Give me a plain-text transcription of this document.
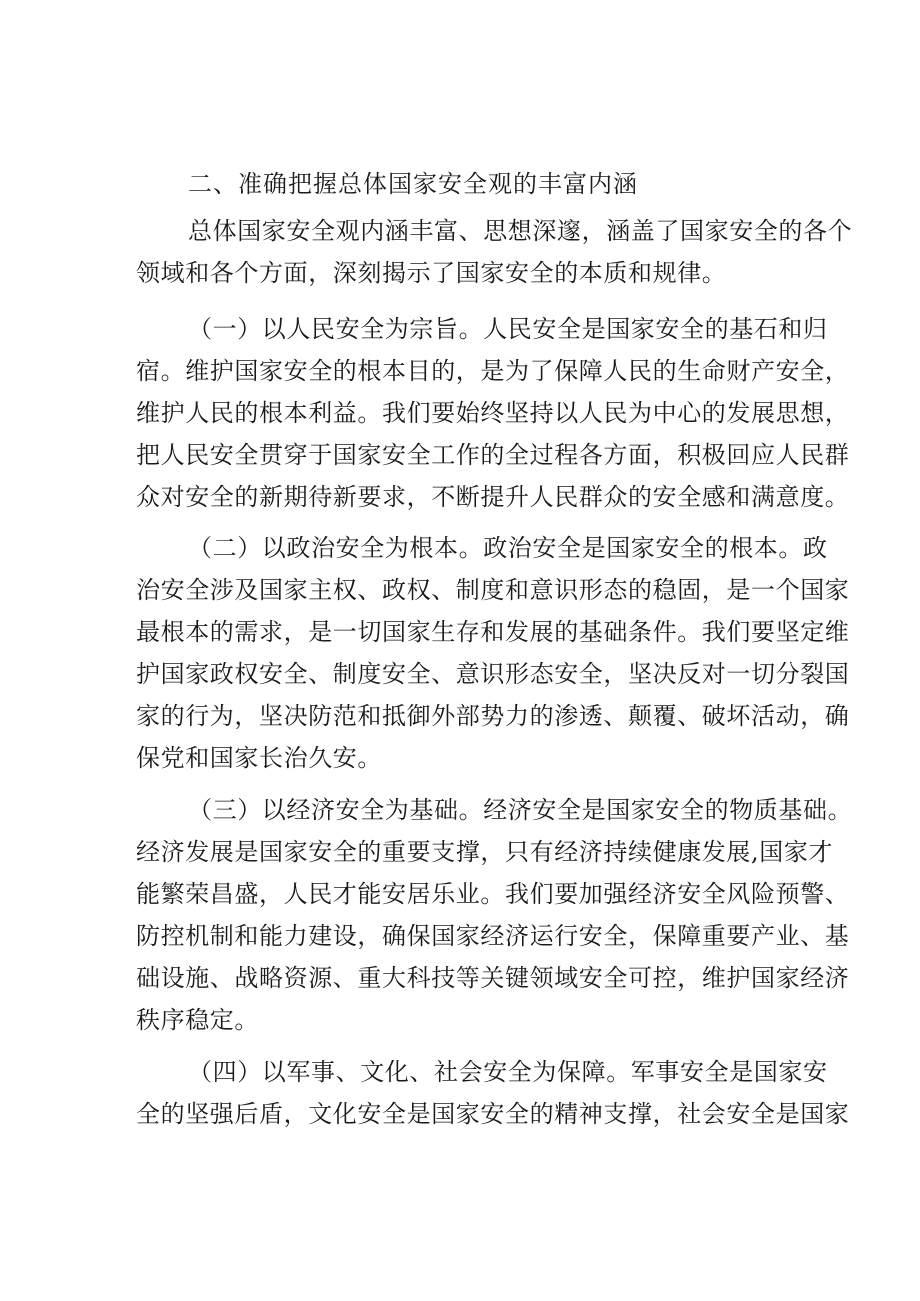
二、准确把握总体国家安全观的丰富内涵
总体国家安全观内涵丰富、思想深邃，涵盖了国家安全的各个
领域和各个方面，深刻揭示了国家安全的本质和规律。
（一）以人民安全为宗旨。人民安全是国家安全的基石和归
宿。维护国家安全的根本目的，是为了保障人民的生命财产安全，
维护人民的根本利益。我们要始终坚持以人民为中心的发展思想，
把人民安全贯穿于国家安全工作的全过程各方面，积极回应人民群
众对安全的新期待新要求，不断提升人民群众的安全感和满意度。
（二）以政治安全为根本。政治安全是国家安全的根本。政
治安全涉及国家主权、政权、制度和意识形态的稳固，是一个国家
最根本的需求，是一切国家生存和发展的基础条件。我们要坚定维
护国家政权安全、制度安全、意识形态安全，坚决反对一切分裂国
家的行为，坚决防范和抵御外部势力的渗透、颠覆、破坏活动，确
保党和国家长治久安。
（三）以经济安全为基础。经济安全是国家安全的物质基础。
经济发展是国家安全的重要支撑，只有经济持续健康发展,国家才
能繁荣昌盛，人民才能安居乐业。我们要加强经济安全风险预警、
防控机制和能力建设，确保国家经济运行安全，保障重要产业、基
础设施、战略资源、重大科技等关键领域安全可控，维护国家经济
秩序稳定。
（四）以军事、文化、社会安全为保障。军事安全是国家安
全的坚强后盾，文化安全是国家安全的精神支撑，社会安全是国家
